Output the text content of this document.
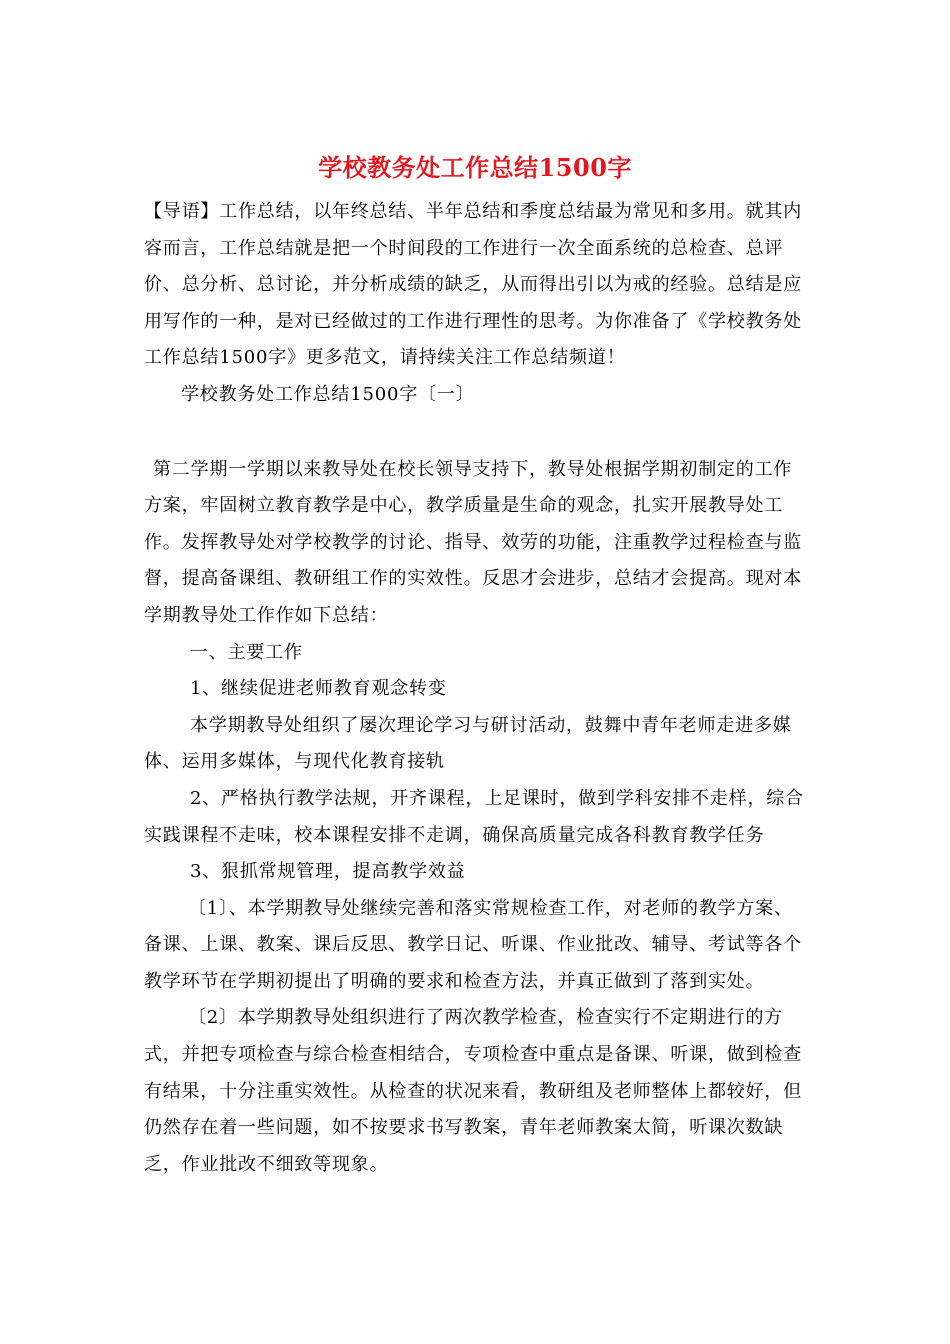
学校教务处工作总结1500字

【导语】工作总结，以年终总结、半年总结和季度总结最为常见和多用。就其内容而言，工作总结就是把一个时间段的工作进行一次全面系统的总检查、总评价、总分析、总讨论，并分析成绩的缺乏，从而得出引以为戒的经验。总结是应用写作的一种，是对已经做过的工作进行理性的思考。为你准备了《学校教务处工作总结1500字》更多范文，请持续关注工作总结频道！

学校教务处工作总结1500字〔一〕

第二学期一学期以来教导处在校长领导支持下，教导处根据学期初制定的工作方案，牢固树立教育教学是中心，教学质量是生命的观念，扎实开展教导处工作。发挥教导处对学校教学的讨论、指导、效劳的功能，注重教学过程检查与监督，提高备课组、教研组工作的实效性。反思才会进步，总结才会提高。现对本学期教导处工作作如下总结：

一、主要工作

1、继续促进老师教育观念转变

本学期教导处组织了屡次理论学习与研讨活动，鼓舞中青年老师走进多媒体、运用多媒体，与现代化教育接轨

2、严格执行教学法规，开齐课程，上足课时，做到学科安排不走样，综合实践课程不走味，校本课程安排不走调，确保高质量完成各科教育教学任务

3、狠抓常规管理，提高教学效益

〔1〕、本学期教导处继续完善和落实常规检查工作，对老师的教学方案、备课、上课、教案、课后反思、教学日记、听课、作业批改、辅导、考试等各个教学环节在学期初提出了明确的要求和检查方法，并真正做到了落到实处。

〔2〕本学期教导处组织进行了两次教学检查，检查实行不定期进行的方式，并把专项检查与综合检查相结合，专项检查中重点是备课、听课，做到检查有结果，十分注重实效性。从检查的状况来看，教研组及老师整体上都较好，但仍然存在着一些问题，如不按要求书写教案，青年老师教案太简，听课次数缺乏，作业批改不细致等现象。
